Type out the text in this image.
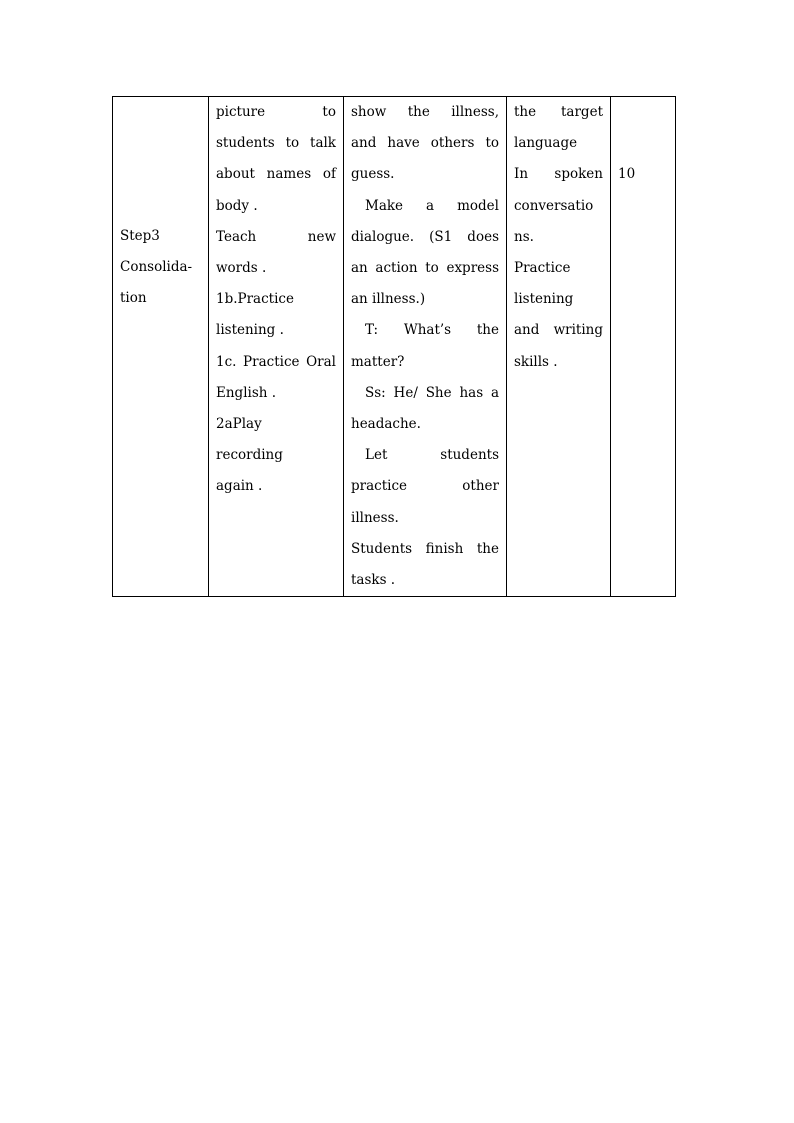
Step3
Consolida-
tion

picture to
students to talk
about names of
body .
Teach new
words .
1b.Practice
listening .
1c. Practice Oral
English .
2aPlay
recording
again .

show the illness,
and have others to
guess.
Make a model
dialogue. (S1 does
an action to express
an illness.)
T: What’s the
matter?
Ss: He/ She has a
headache.
Let students
practice other
illness.
Students finish the
tasks .

the target
language
In spoken
conversatio
ns.
Practice
listening
and writing
skills .

10
